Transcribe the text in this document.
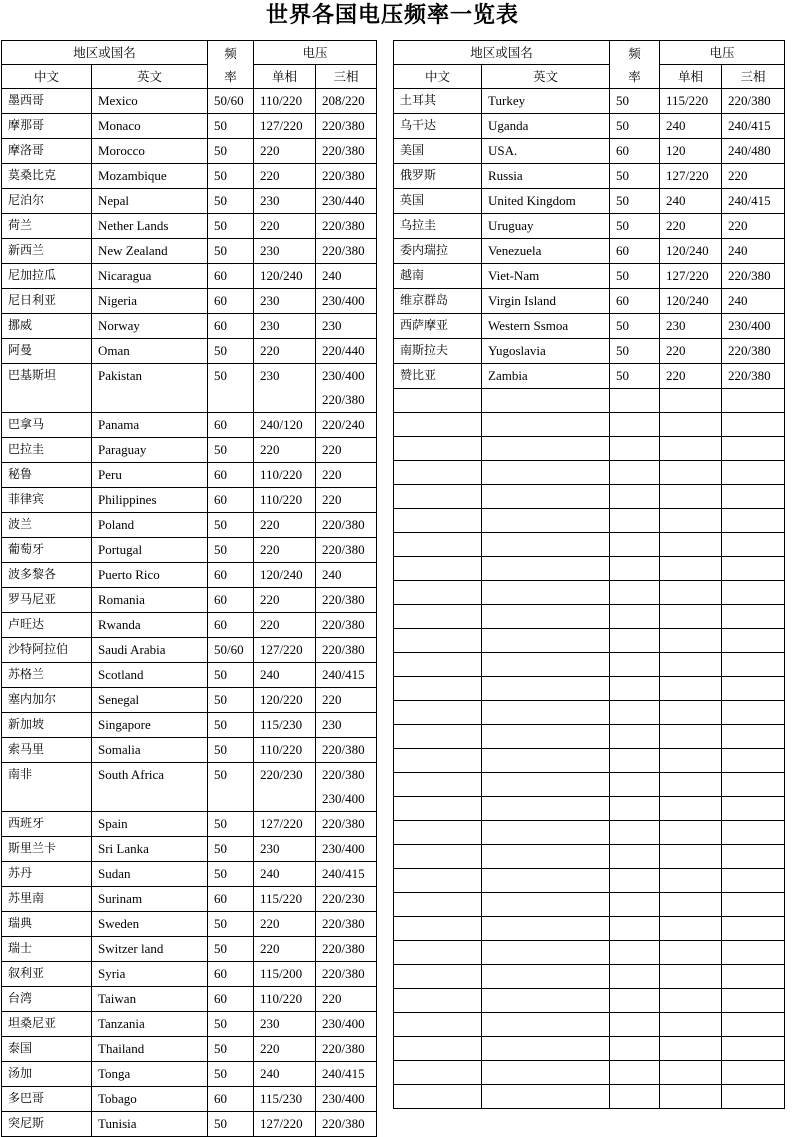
世界各国电压频率一览表
地区或国名		频
率	电压	
中文	英文		单相	三相
墨西哥	Mexico	50/60	110/220	208/220

摩那哥	Monaco	50	127/220	220/380

摩洛哥	Morocco	50	220	220/380

莫桑比克	Mozambique	50	220	220/380

尼泊尔	Nepal	50	230	230/440

荷兰	Nether Lands	50	220	220/380

新西兰	New Zealand	50	230	220/380

尼加拉瓜	Nicaragua	60	120/240	240

尼日利亚	Nigeria	60	230	230/400

挪威	Norway	60	230	230

阿曼	Oman	50	220	220/440

巴基斯坦	Pakistan	50	230	230/400
220/380

巴拿马	Panama	60	240/120	220/240

巴拉圭	Paraguay	50	220	220

秘鲁	Peru	60	110/220	220

菲律宾	Philippines	60	110/220	220

波兰	Poland	50	220	220/380

葡萄牙	Portugal	50	220	220/380

波多黎各	Puerto Rico	60	120/240	240

罗马尼亚	Romania	60	220	220/380

卢旺达	Rwanda	60	220	220/380

沙特阿拉伯	Saudi Arabia	50/60	127/220	220/380

苏格兰	Scotland	50	240	240/415

塞内加尔	Senegal	50	120/220	220

新加坡	Singapore	50	115/230	230

索马里	Somalia	50	110/220	220/380

南非	South Africa	50	220/230	220/380
230/400

西班牙	Spain	50	127/220	220/380

斯里兰卡	Sri Lanka	50	230	230/400

苏丹	Sudan	50	240	240/415

苏里南	Surinam	60	115/220	220/230

瑞典	Sweden	50	220	220/380

瑞士	Switzer land	50	220	220/380

叙利亚	Syria	60	115/200	220/380

台湾	Taiwan	60	110/220	220

坦桑尼亚	Tanzania	50	230	230/400

泰国	Thailand	50	220	220/380

汤加	Tonga	50	240	240/415

多巴哥	Tobago	60	115/230	230/400

突尼斯	Tunisia	50	127/220	220/380
地区或国名		频
率	电压	
中文	英文		单相	三相
土耳其	Turkey	50	115/220	220/380

乌干达	Uganda	50	240	240/415

美国	USA.	60	120	240/480

俄罗斯	Russia	50	127/220	220

英国	United Kingdom	50	240	240/415

乌拉圭	Uruguay	50	220	220

委内瑞拉	Venezuela	60	120/240	240

越南	Viet-Nam	50	127/220	220/380

维京群岛	Virgin Island	60	120/240	240

西萨摩亚	Western Ssmoa	50	230	230/400

南斯拉夫	Yugoslavia	50	220	220/380

赞比亚	Zambia	50	220	220/380
